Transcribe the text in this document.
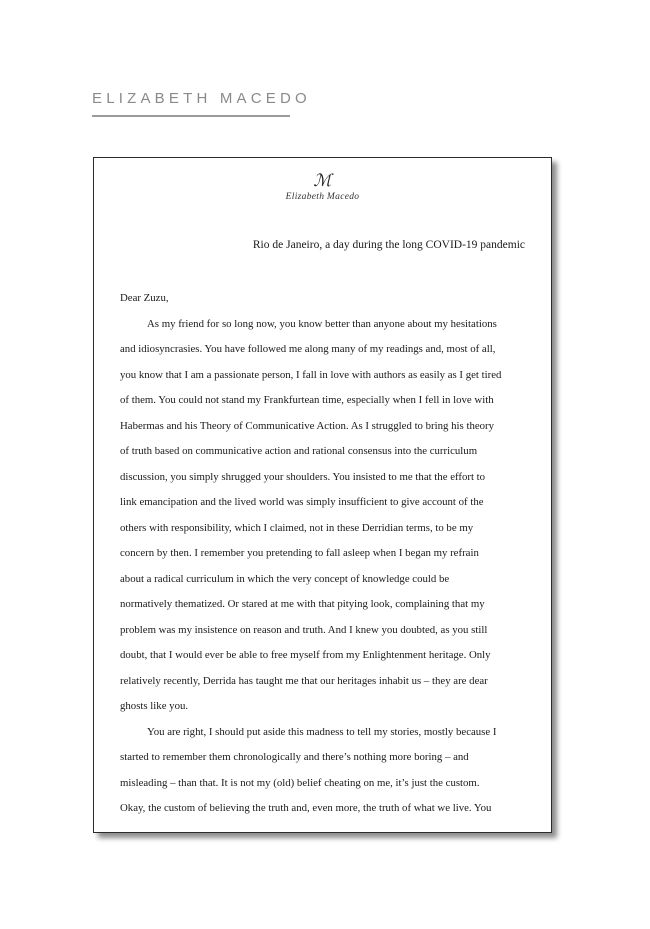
ELIZABETH MACEDO
ℳ
Elizabeth Macedo
Rio de Janeiro, a day during the long COVID-19 pandemic
Dear Zuzu,
As my friend for so long now, you know better than anyone about my hesitations
and idiosyncrasies. You have followed me along many of my readings and, most of all,
you know that I am a passionate person, I fall in love with authors as easily as I get tired
of them. You could not stand my Frankfurtean time, especially when I fell in love with
Habermas and his Theory of Communicative Action. As I struggled to bring his theory
of truth based on communicative action and rational consensus into the curriculum
discussion, you simply shrugged your shoulders. You insisted to me that the effort to
link emancipation and the lived world was simply insufficient to give account of the
others with responsibility, which I claimed, not in these Derridian terms, to be my
concern by then. I remember you pretending to fall asleep when I began my refrain
about a radical curriculum in which the very concept of knowledge could be
normatively thematized. Or stared at me with that pitying look, complaining that my
problem was my insistence on reason and truth. And I knew you doubted, as you still
doubt, that I would ever be able to free myself from my Enlightenment heritage. Only
relatively recently, Derrida has taught me that our heritages inhabit us – they are dear
ghosts like you.
You are right, I should put aside this madness to tell my stories, mostly because I
started to remember them chronologically and there’s nothing more boring – and
misleading – than that. It is not my (old) belief cheating on me, it’s just the custom.
Okay, the custom of believing the truth and, even more, the truth of what we live. You
